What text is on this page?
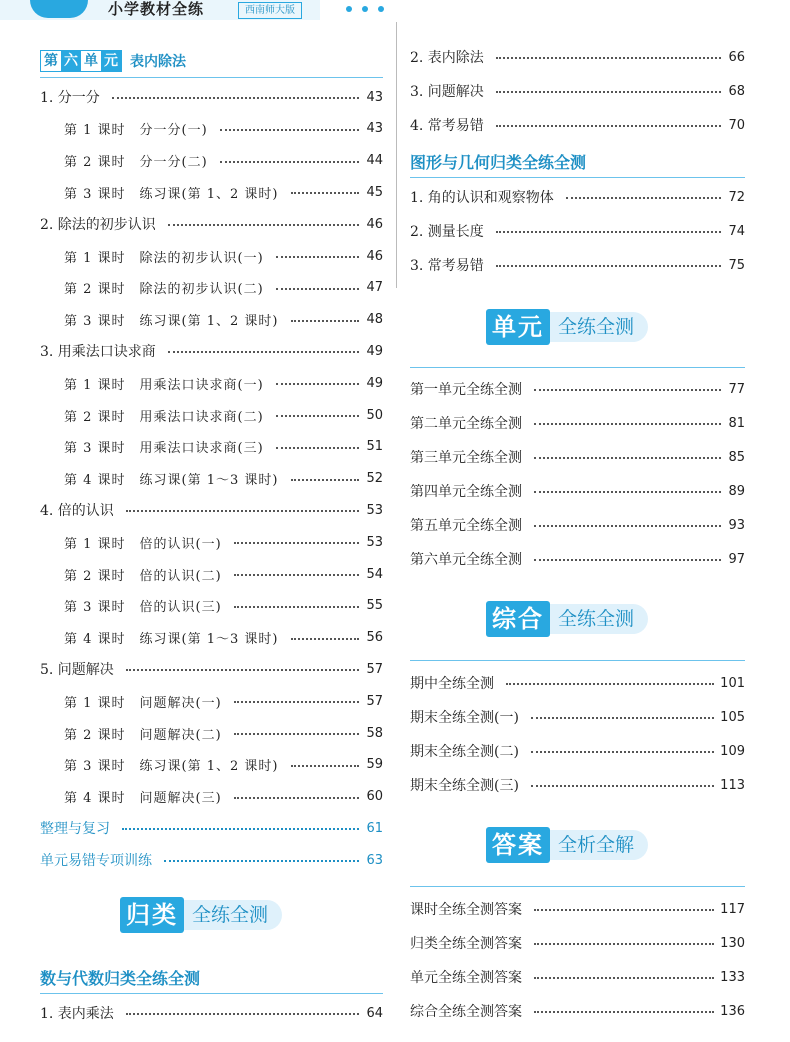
小学教材全练	西南师大版
第 六 单 元 表内除法
1. 分一分	43
第 1 课时　分一分(一)	43
第 2 课时　分一分(二)	44
第 3 课时　练习课(第 1、2 课时)	45
2. 除法的初步认识	46
第 1 课时　除法的初步认识(一)	46
第 2 课时　除法的初步认识(二)	47
第 3 课时　练习课(第 1、2 课时)	48
3. 用乘法口诀求商	49
第 1 课时　用乘法口诀求商(一)	49
第 2 课时　用乘法口诀求商(二)	50
第 3 课时　用乘法口诀求商(三)	51
第 4 课时　练习课(第 1～3 课时)	52
4. 倍的认识	53
第 1 课时　倍的认识(一)	53
第 2 课时　倍的认识(二)	54
第 3 课时　倍的认识(三)	55
第 4 课时　练习课(第 1～3 课时)	56
5. 问题解决	57
第 1 课时　问题解决(一)	57
第 2 课时　问题解决(二)	58
第 3 课时　练习课(第 1、2 课时)	59
第 4 课时　问题解决(三)	60
整理与复习	61
单元易错专项训练	63
归类 全练全测
数与代数归类全练全测
1. 表内乘法	64
2. 表内除法	66
3. 问题解决	68
4. 常考易错	70
图形与几何归类全练全测
1. 角的认识和观察物体	72
2. 测量长度	74
3. 常考易错	75
单元 全练全测
第一单元全练全测	77
第二单元全练全测	81
第三单元全练全测	85
第四单元全练全测	89
第五单元全练全测	93
第六单元全练全测	97
综合 全练全测
期中全练全测	101
期末全练全测(一)	105
期末全练全测(二)	109
期末全练全测(三)	113
答案 全析全解
课时全练全测答案	117
归类全练全测答案	130
单元全练全测答案	133
综合全练全测答案	136
